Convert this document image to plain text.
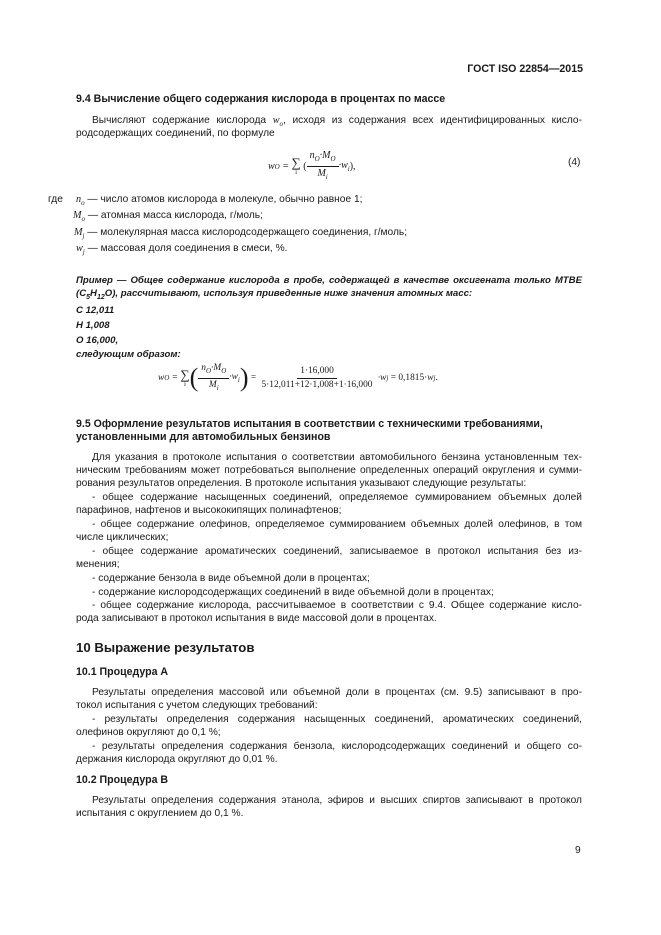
ГОСТ ISO 22854—2015
9.4 Вычисление общего содержания кислорода в процентах по массе
Вычисляют содержание кислорода $w_o$, исходя из содержания всех идентифицированных кисло-
родсодержащих соединений, по формуле
w O = ∑
i ( $\frac{n_O\cdot M_O}{M_i} \cdot w_i$ ),	(4)
где $n_o$ — число атомов кислорода в молекуле, обычно равное 1;
$M_o$ — атомная масса кислорода, г/моль;
$M_j$ — молекулярная масса кислородсодержащего соединения, г/моль;
$w_j$ — массовая доля соединения в смеси, %.
Пример — Общее содержание кислорода в пробе, содержащей в качестве оксигената только МТВЕ
$(С_5H_{12}O)$, рассчитывают, используя приведенные ниже значения атомных масс:
C 12,011
H 1,008
O 16,000,
следующим образом:
w O = ∑
i ( $\frac{n_O\cdot M_O}{M_i} \cdot w_i$ ) = $\frac{1\cdot 16,000}{5\cdot 12,011+12\cdot 1,008+1\cdot 16,000} \cdot w$ j
= 0,1815· w j .
9.5 Оформление результатов испытания в соответствии с техническими требованиями,
установленными для автомобильных бензинов
Для указания в протоколе испытания о соответствии автомобильного бензина установленным тех-
ническим требованиям может потребоваться выполнение определенных операций округления и сумми-
рования результатов определения. В протоколе испытания указывают следующие результаты:
- общее содержание насыщенных соединений, определяемое суммированием объемных долей
парафинов, нафтенов и высококипящих полинафтенов;
- общее содержание олефинов, определяемое суммированием объемных долей олефинов, в том
числе циклических;
- общее содержание ароматических соединений, записываемое в протокол испытания без из-
менения;
- содержание бензола в виде объемной доли в процентах;
- содержание кислородсодержащих соединений в виде объемной доли в процентах;
- общее содержание кислорода, рассчитываемое в соответствии с 9.4. Общее содержание кисло-
рода записывают в протокол испытания в виде массовой доли в процентах.
10 Выражение результатов
10.1 Процедура А
Результаты определения массовой или объемной доли в процентах (см. 9.5) записывают в про-
токол испытания с учетом следующих требований:
- результаты определения содержания насыщенных соединений, ароматических соединений,
олефинов округляют до 0,1 %;
- результаты определения содержания бензола, кислородсодержащих соединений и общего со-
держания кислорода округляют до 0,01 %.
10.2 Процедура В
Результаты определения содержания этанола, эфиров и высших спиртов записывают в протокол
испытания с округлением до 0,1 %.
9
